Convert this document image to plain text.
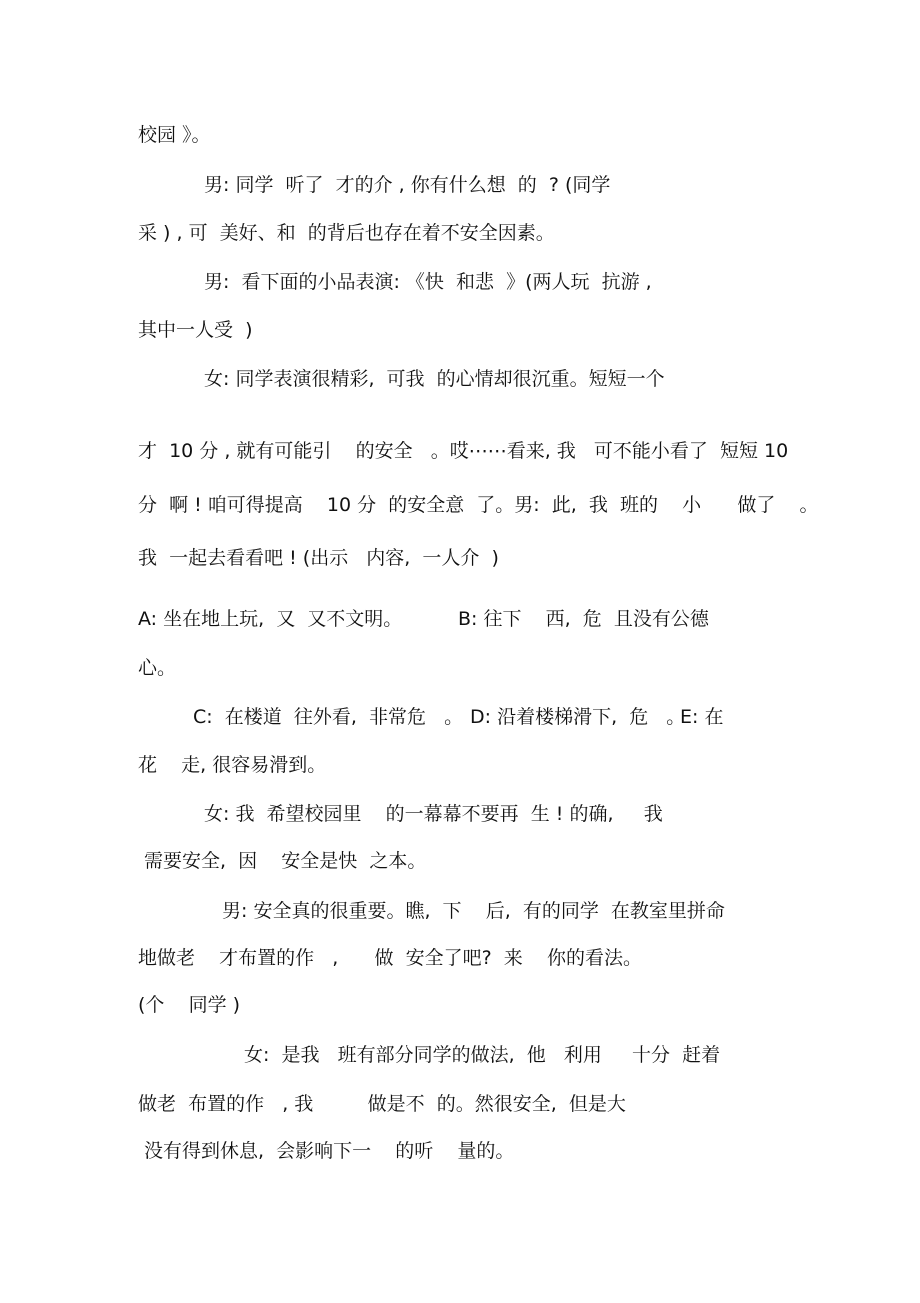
校园 》。
男: 同学  听了  才的介 , 你有什么想  的  ? (同学
采 ) , 可  美好、和  的背后也存在着不安全因素。
男:  看下面的小品表演: 《快  和悲  》(两人玩  抗游 ,
其中一人受  )
女: 同学表演很精彩,  可我  的心情却很沉重。短短一个
才  10 分 , 就有可能引    的安全   。哎⋯⋯看来, 我   可不能小看了  短短 10
分  啊 ! 咱可得提高    10 分  的安全意  了。男:  此,  我  班的    小      做了    。
我  一起去看看吧 ! (出示   内容,  一人介  )
A: 坐在地上玩,  又  又不文明。	B: 往下    西,  危  且没有公德
心。
C:  在楼道  往外看,  非常危   。 D: 沿着楼梯滑下,  危   。
E: 在
花    走, 很容易滑到。
女: 我  希望校园里    的一幕幕不要再  生 ! 的确,     我
需要安全,  因    安全是快  之本。
男: 安全真的很重要。瞧,  下    后,  有的同学  在教室里拼命
地做老    才布置的作   ,      做  安全了吧?  来    你的看法。
(个    同学 )
女:  是我   班有部分同学的做法,  他   利用     十分  赶着
做老  布置的作   , 我         做是不  的。然很安全,  但是大
没有得到休息,  会影响下一    的听    量的。
